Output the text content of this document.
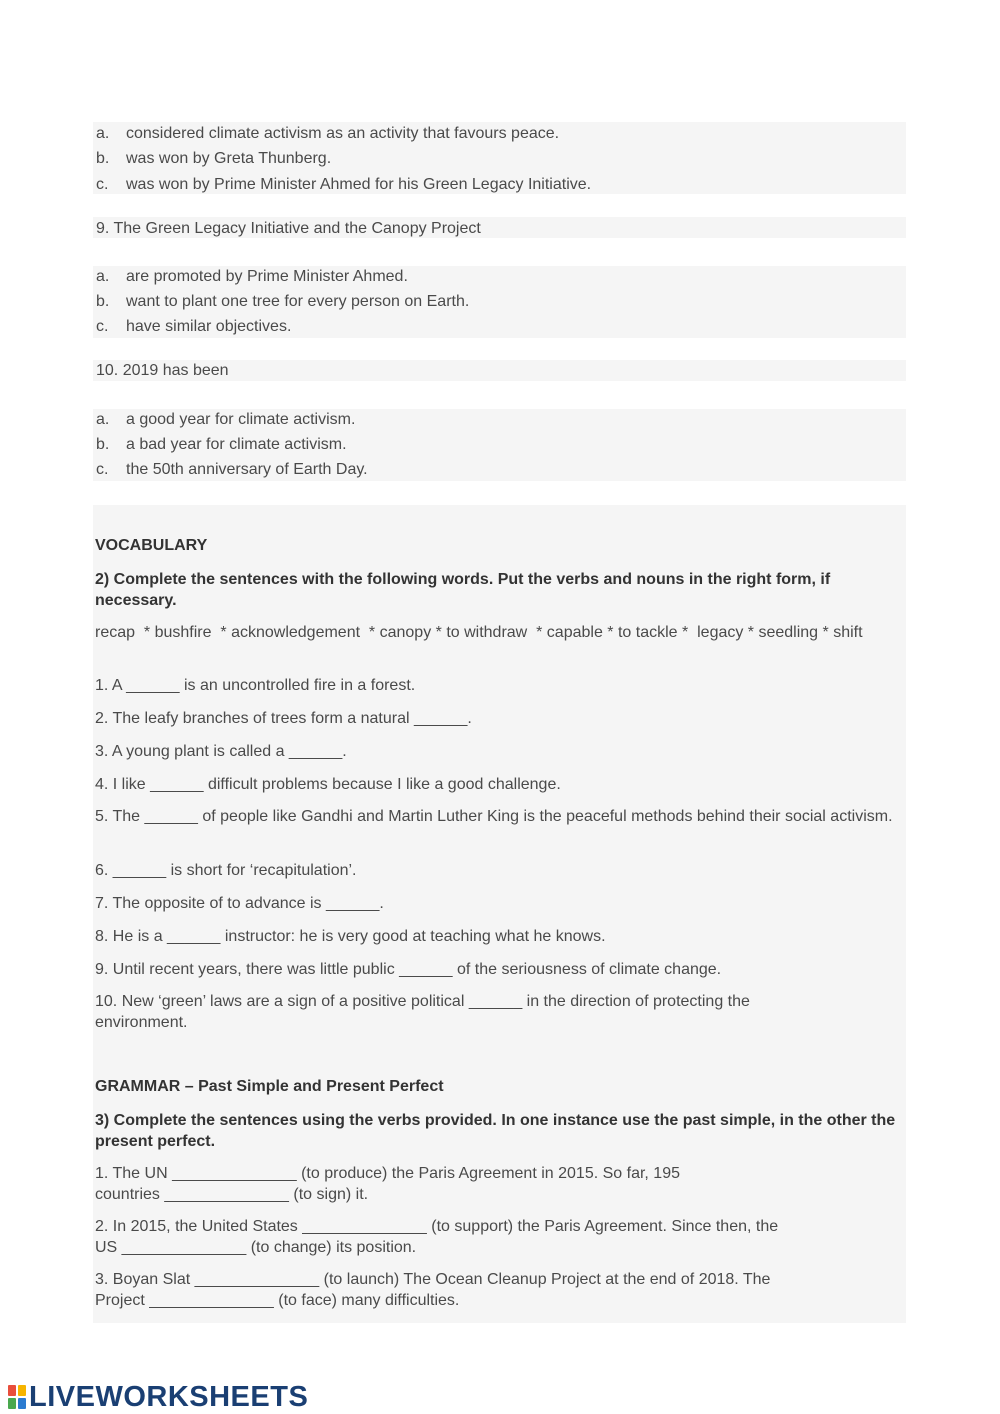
a. considered climate activism as an activity that favours peace.
b. was won by Greta Thunberg.
c. was won by Prime Minister Ahmed for his Green Legacy Initiative.
9. The Green Legacy Initiative and the Canopy Project
a. are promoted by Prime Minister Ahmed.
b. want to plant one tree for every person on Earth.
c. have similar objectives.
10. 2019 has been
a. a good year for climate activism.
b. a bad year for climate activism.
c. the 50th anniversary of Earth Day.
VOCABULARY
2) Complete the sentences with the following words. Put the verbs and nouns in the right form, if necessary.
recap  * bushfire  * acknowledgement  * canopy * to withdraw  * capable * to tackle *  legacy * seedling * shift
1. A ______ is an uncontrolled fire in a forest.
2. The leafy branches of trees form a natural ______.
3. A young plant is called a ______.
4. I like ______ difficult problems because I like a good challenge.
5. The ______ of people like Gandhi and Martin Luther King is the peaceful methods behind their social activism.
6. ______ is short for ‘recapitulation’.
7. The opposite of to advance is ______.
8. He is a ______ instructor: he is very good at teaching what he knows.
9. Until recent years, there was little public ______ of the seriousness of climate change.
10. New ‘green’ laws are a sign of a positive political ______ in the direction of protecting the environment.
GRAMMAR – Past Simple and Present Perfect
3) Complete the sentences using the verbs provided. In one instance use the past simple, in the other the present perfect.
1. The UN ______________ (to produce) the Paris Agreement in 2015. So far, 195
countries ______________ (to sign) it.
2. In 2015, the United States ______________ (to support) the Paris Agreement. Since then, the
US ______________ (to change) its position.
3. Boyan Slat ______________ (to launch) The Ocean Cleanup Project at the end of 2018. The
Project ______________ (to face) many difficulties.
LIVEWORKSHEETS
